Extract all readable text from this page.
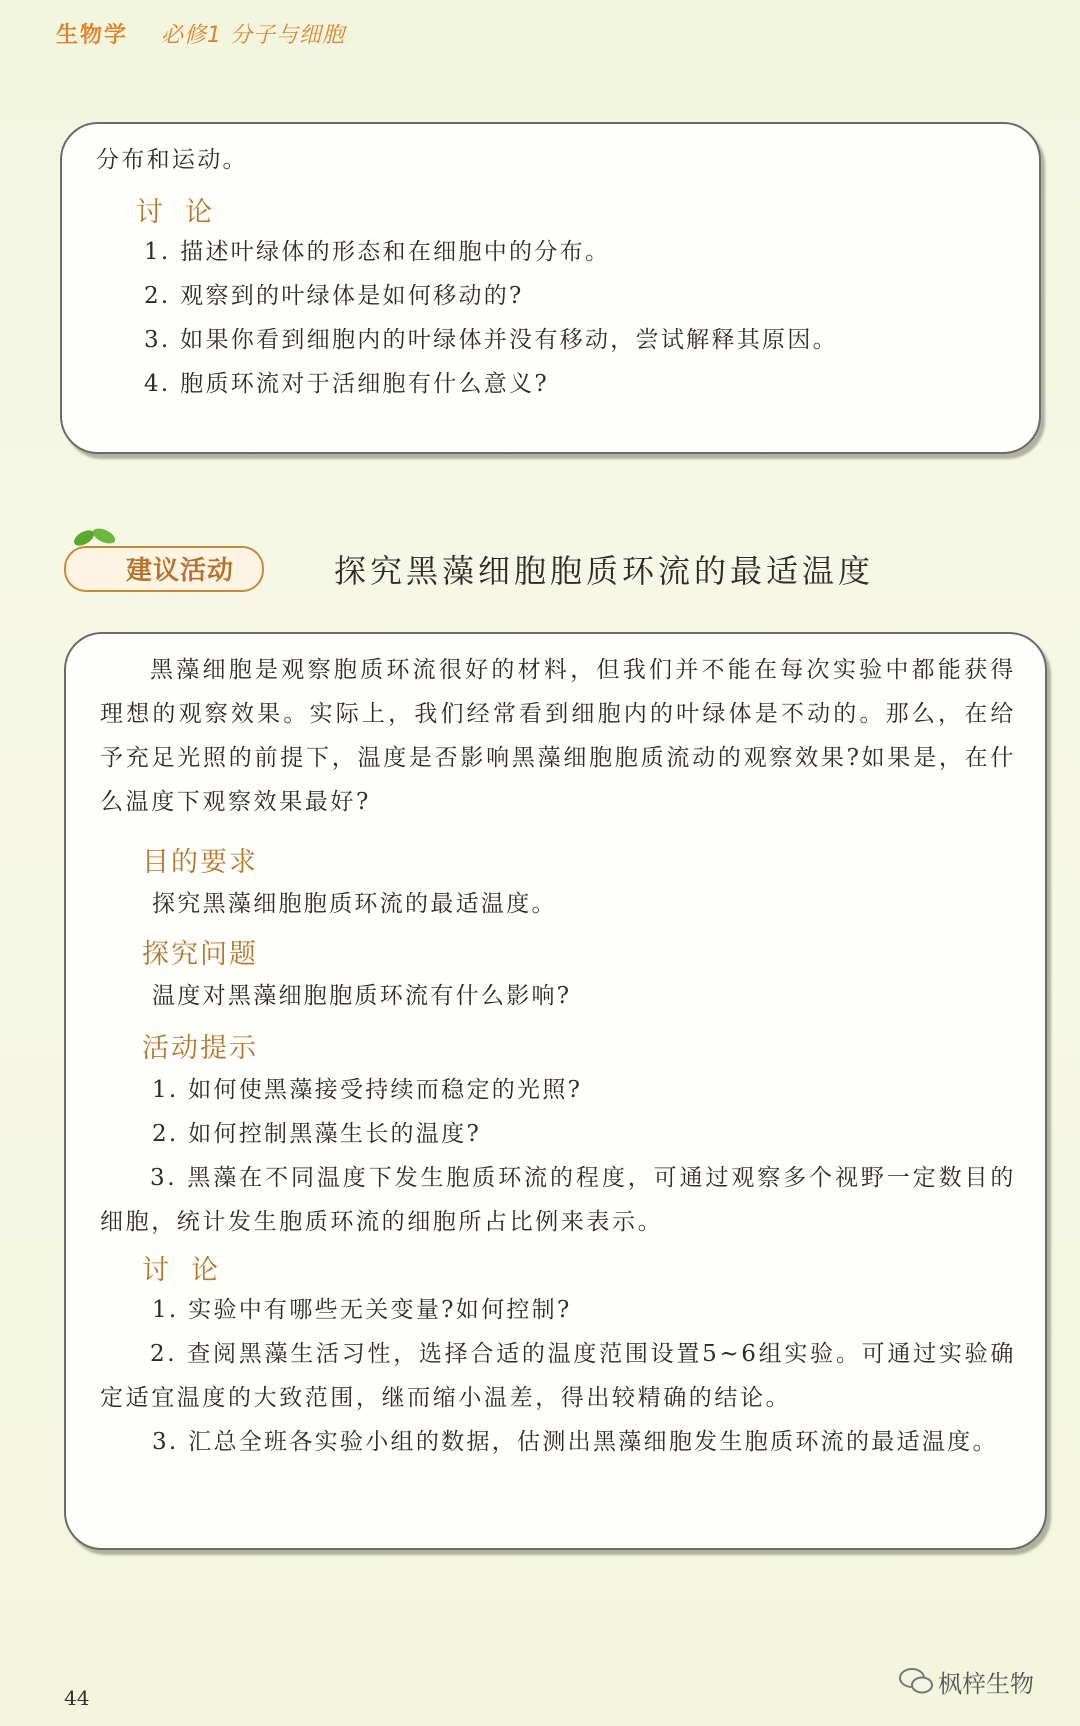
生物学 必修1 分子与细胞
分布和运动。
讨论
1. 描述叶绿体的形态和在细胞中的分布。
2. 观察到的叶绿体是如何移动的?
3. 如果你看到细胞内的叶绿体并没有移动，尝试解释其原因。
4. 胞质环流对于活细胞有什么意义?
建议活动	探究黑藻细胞胞质环流的最适温度
黑藻细胞是观察胞质环流很好的材料，但我们并不能在每次实验中都能获得理想的观察效果。实际上，我们经常看到细胞内的叶绿体是不动的。那么，在给予充足光照的前提下，温度是否影响黑藻细胞胞质流动的观察效果?如果是，在什么温度下观察效果最好?
目的要求
探究黑藻细胞胞质环流的最适温度。
探究问题
温度对黑藻细胞胞质环流有什么影响?
活动提示
1. 如何使黑藻接受持续而稳定的光照?
2. 如何控制黑藻生长的温度?
3. 黑藻在不同温度下发生胞质环流的程度，可通过观察多个视野一定数目的细胞，统计发生胞质环流的细胞所占比例来表示。
讨论
1. 实验中有哪些无关变量?如何控制?
2. 查阅黑藻生活习性，选择合适的温度范围设置5~6组实验。可通过实验确定适宜温度的大致范围，继而缩小温差，得出较精确的结论。
3. 汇总全班各实验小组的数据，估测出黑藻细胞发生胞质环流的最适温度。
44	枫梓生物
